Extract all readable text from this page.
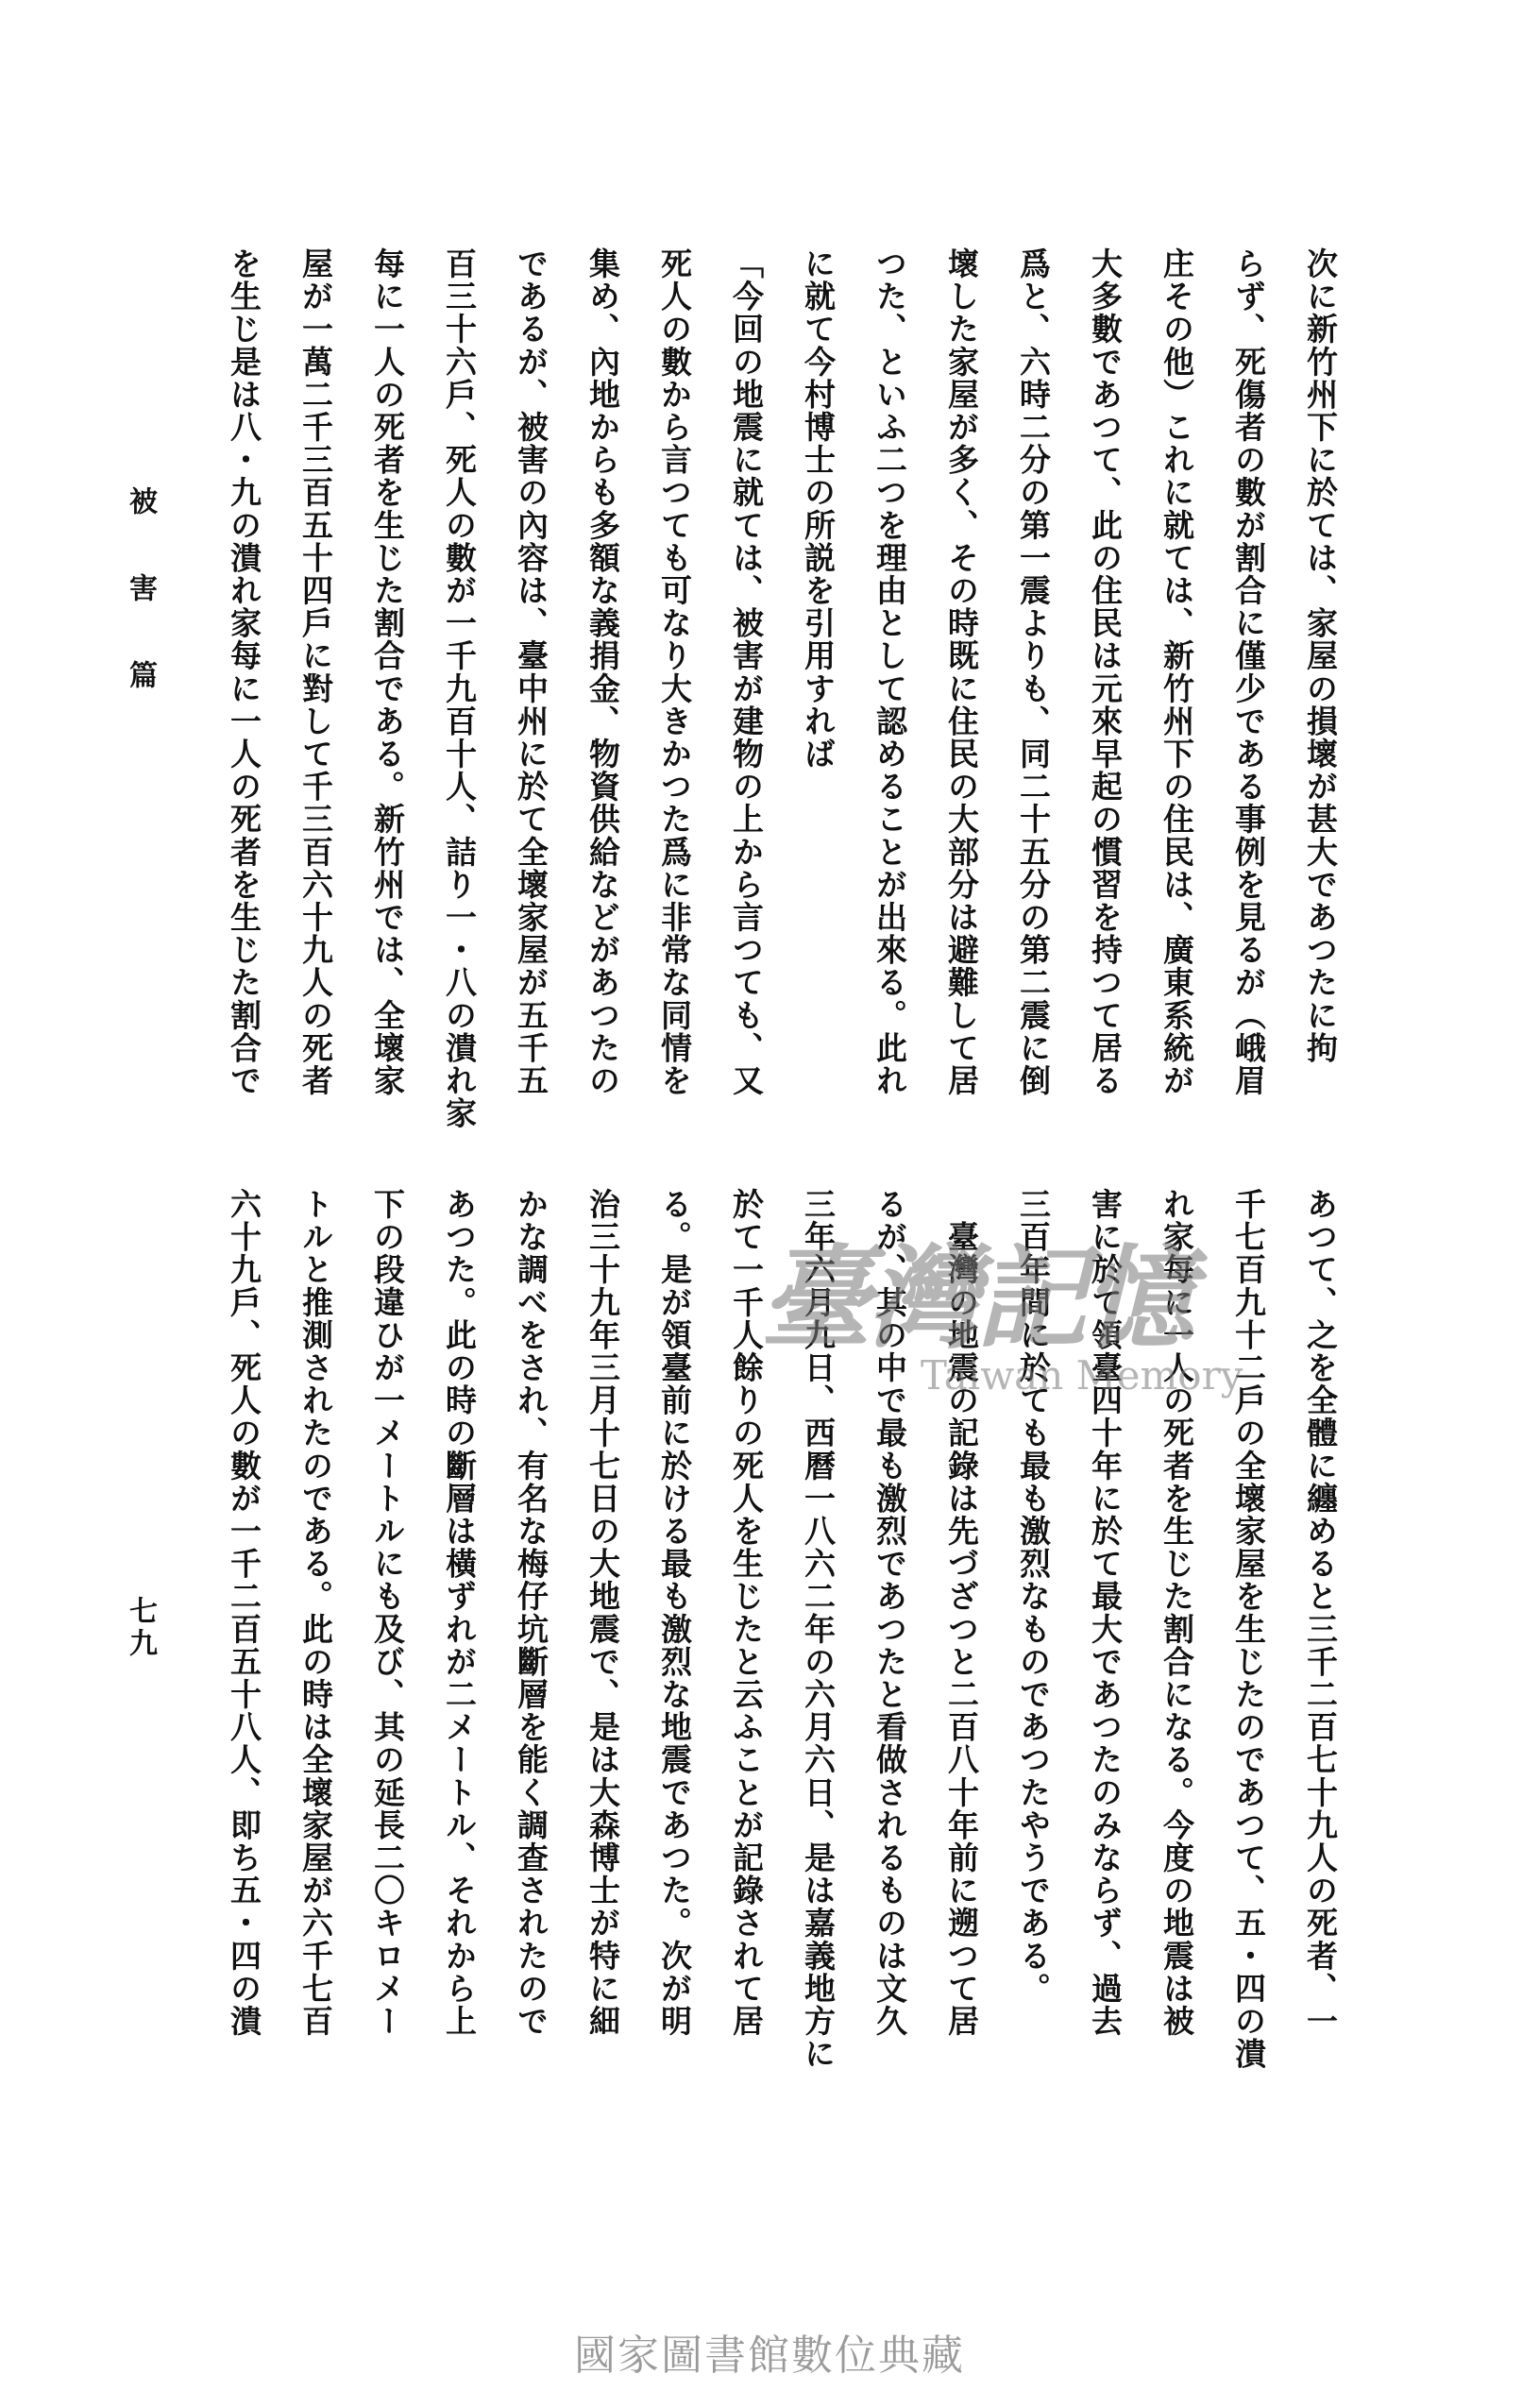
被害篇
七九
次に新竹州下に於ては、家屋の損壞が甚大であつたに拘
らず、死傷者の數が割合に僅少である事例を見るが（峨眉
庄その他）これに就ては、新竹州下の住民は、廣東系統が
大多數であつて、此の住民は元來早起の慣習を持つて居る
爲と、六時二分の第一震よりも、同二十五分の第二震に倒
壞した家屋が多く、その時既に住民の大部分は避難して居
つた、といふ二つを理由として認めることが出來る。此れ
に就て今村博士の所説を引用すれば
「今回の地震に就ては、被害が建物の上から言つても、又
死人の數から言つても可なり大きかつた爲に非常な同情を
集め、內地からも多額な義捐金、物資供給などがあつたの
であるが、被害の內容は、臺中州に於て全壞家屋が五千五
百三十六戶、死人の數が一千九百十人、詰り一・八の潰れ家
每に一人の死者を生じた割合である。新竹州では、全壞家
屋が一萬二千三百五十四戶に對して千三百六十九人の死者
を生じ是は八・九の潰れ家每に一人の死者を生じた割合で
あつて、之を全體に纏めると三千二百七十九人の死者、一
千七百九十二戶の全壞家屋を生じたのであつて、五・四の潰
れ家每に一人の死者を生じた割合になる。今度の地震は被
害に於て領臺四十年に於て最大であつたのみならず、過去
三百年間に於ても最も激烈なものであつたやうである。
　臺灣の地震の記錄は先づざつと二百八十年前に遡つて居
るが、其の中で最も激烈であつたと看做されるものは文久
三年六月九日、西曆一八六二年の六月六日、是は嘉義地方に
於て一千人餘りの死人を生じたと云ふことが記錄されて居
る。是が領臺前に於ける最も激烈な地震であつた。次が明
治三十九年三月十七日の大地震で、是は大森博士が特に細
かな調べをされ、有名な梅仔坑斷層を能く調查されたので
あつた。此の時の斷層は橫ずれが二メートル、それから上
下の段違ひが一メートルにも及び、其の延長二〇キロメー
トルと推測されたのである。此の時は全壞家屋が六千七百
六十九戶、死人の數が一千二百五十八人、即ち五・四の潰	臺灣記憶
Taiwan Memory
國家圖書館數位典藏
